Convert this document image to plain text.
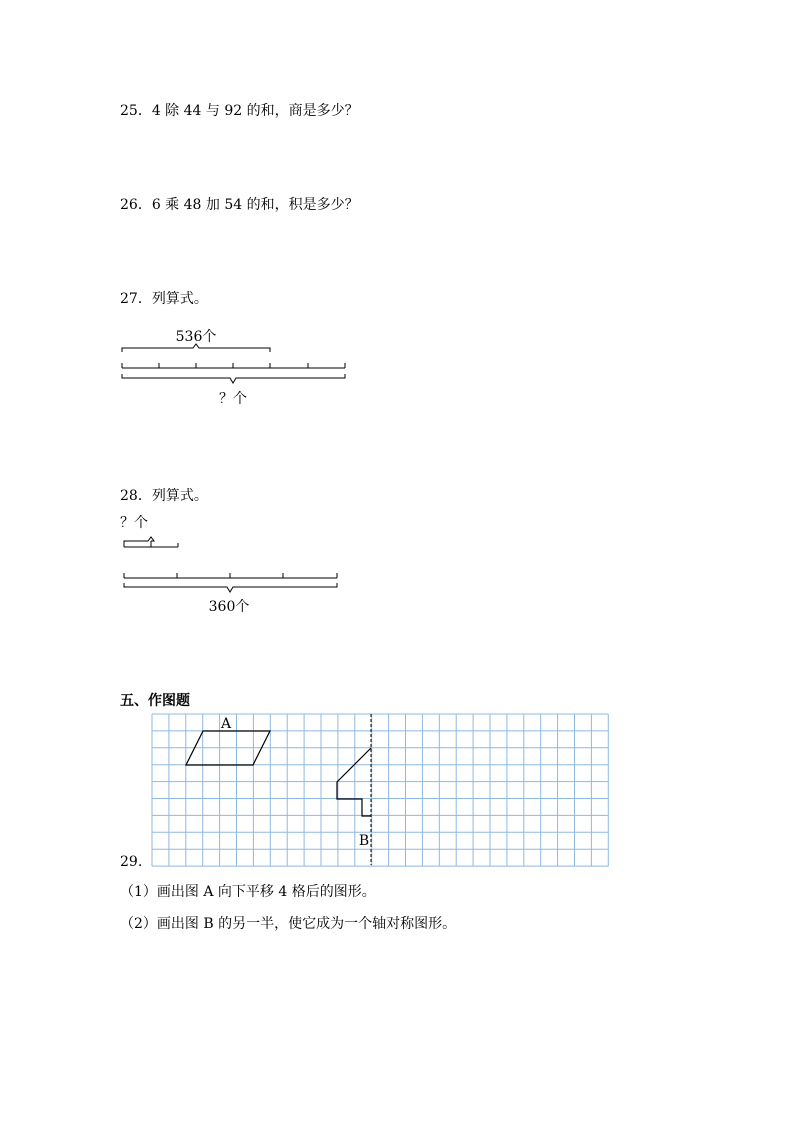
25．4 除 44 与 92 的和，商是多少？
26．6 乘 48 加 54 的和，积是多少？
27．列算式。
536个
？个
28．列算式。
？个
360个
五、作图题
29.
A
B
（1）画出图 A 向下平移 4 格后的图形。
（2）画出图 B 的另一半，使它成为一个轴对称图形。
